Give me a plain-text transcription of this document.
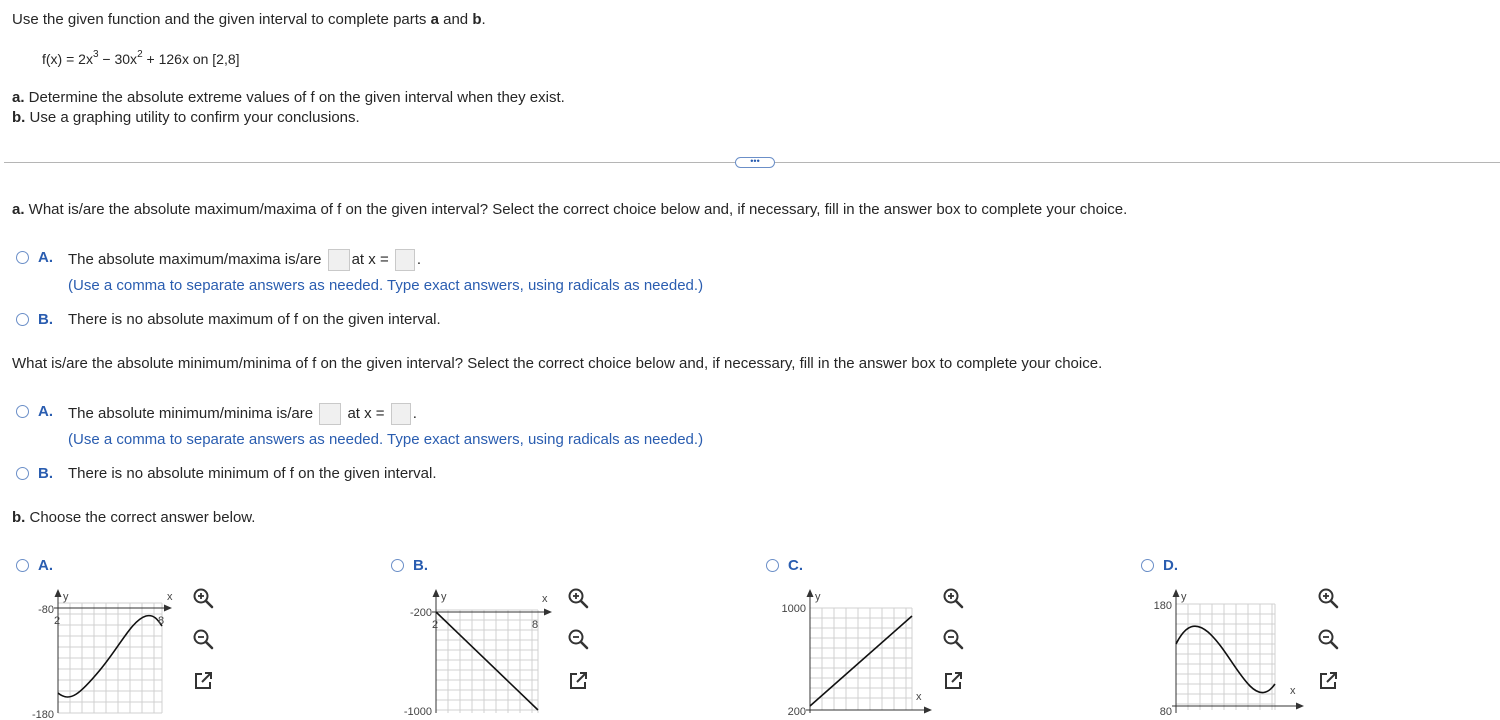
Use the given function and the given interval to complete parts a and b.
$f(x) = 2x^3 - 30x^2 + 126x$ on [2,8]
a. Determine the absolute extreme values of f on the given interval when they exist.
b. Use a graphing utility to confirm your conclusions.
•••
a. What is/are the absolute maximum/maxima of f on the given interval? Select the correct choice below and, if necessary, fill in the answer box to complete your choice.
A. The absolute maximum/maxima is/are at x = .
(Use a comma to separate answers as needed. Type exact answers, using radicals as needed.)
B. There is no absolute maximum of f on the given interval.
What is/are the absolute minimum/minima of f on the given interval? Select the correct choice below and, if necessary, fill in the answer box to complete your choice.
A. The absolute minimum/minima is/are at x = .
(Use a comma to separate answers as needed. Type exact answers, using radicals as needed.)
B. There is no absolute minimum of f on the given interval.
b. Choose the correct answer below.
A.
-80
-180
2	8
x
y
B.
-200
-1000
2	8
x
y
C.
1000
200
x
y
D.
180
80
x
y
